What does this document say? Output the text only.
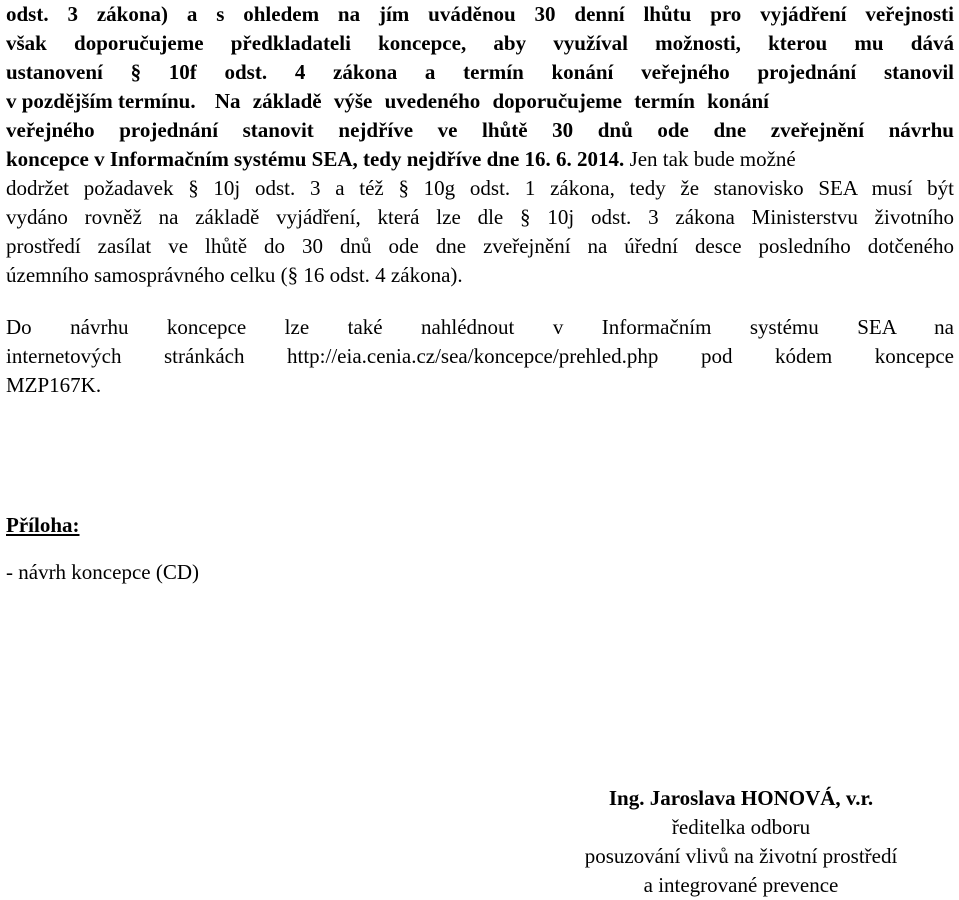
odst. 3 zákona) a s ohledem na jím uváděnou 30 denní lhůtu pro vyjádření veřejnosti
však doporučujeme předkladateli koncepce, aby využíval možnosti, kterou mu dává
ustanovení § 10f odst. 4 zákona a termín konání veřejného projednání stanovil
v pozdějším termínu. Na základě výše uvedeného doporučujeme termín konání
veřejného projednání stanovit nejdříve ve lhůtě 30 dnů ode dne zveřejnění návrhu
koncepce v Informačním systému SEA, tedy nejdříve dne 16. 6. 2014. Jen tak bude možné
dodržet požadavek § 10j odst. 3 a též § 10g odst. 1 zákona, tedy že stanovisko SEA musí být
vydáno rovněž na základě vyjádření, která lze dle § 10j odst. 3 zákona Ministerstvu životního
prostředí zasílat ve lhůtě do 30 dnů ode dne zveřejnění na úřední desce posledního dotčeného
územního samosprávného celku (§ 16 odst. 4 zákona).
Do návrhu koncepce lze také nahlédnout v Informačním systému SEA na
internetových stránkách http://eia.cenia.cz/sea/koncepce/prehled.php pod kódem koncepce
MZP167K.
Příloha:
- návrh koncepce (CD)
Ing. Jaroslava HONOVÁ, v.r.
ředitelka odboru
posuzování vlivů na životní prostředí
a integrované prevence
